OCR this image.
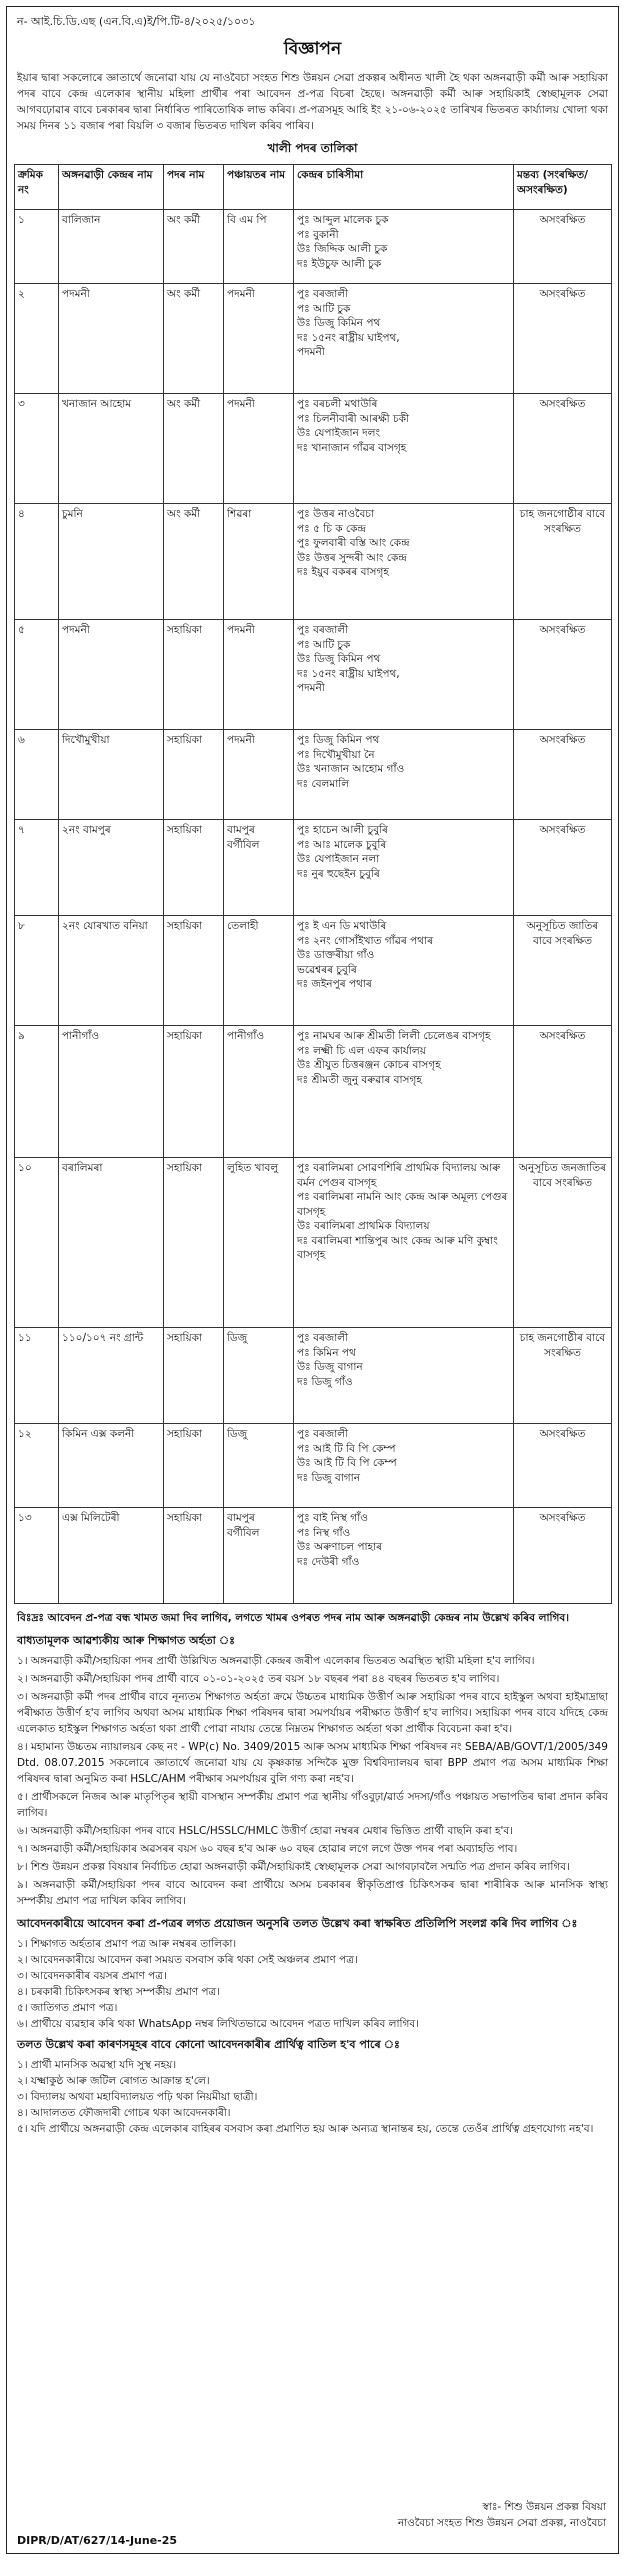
ন- আই.চি.ডি.এছ (এন.বি.এ)ই/পি.টি-৪/২০২৫/১০৩১
বিজ্ঞাপন
ইয়াৰ দ্বাৰা সকলোৰে জ্ঞাতাৰ্থে জনোৱা যায় যে নাওবৈচা সংহত শিশু উন্নয়ন সেৱা প্ৰকল্পৰ অধীনত খালী হৈ থকা অঙ্গনৱাড়ী কৰ্মী আৰু সহায়িকা পদৰ বাবে কেন্দ্ৰ এলেকাৰ স্থানীয় মহিলা প্ৰাৰ্থীৰ পৰা আবেদন প্ৰ-পত্ৰ বিচৰা হৈছে। অঙ্গনৱাড়ী কৰ্মী আৰু সহায়িকাই স্বেচ্ছামূলক সেৱা আগবঢ়োৱাৰ বাবে চৰকাৰৰ দ্বাৰা নিৰ্ধাৰিত পাৰিতোষিক লাভ কৰিব। প্ৰ-পত্ৰসমূহ আহি ইং ২১-০৬-২০২৫ তাৰিখৰ ভিতৰত কাৰ্য্যালয় খোলা থকা সময় দিনৰ ১১ বজাৰ পৰা বিয়লি ৩ বজাৰ ভিতৰত দাখিল কৰিব পাৰিব।
খালী পদৰ তালিকা
ক্ৰমিক নং	অঙ্গনৱাড়ী কেন্দ্ৰৰ নাম	পদৰ নাম	পঞ্চায়তৰ নাম	কেন্দ্ৰৰ চাৰিসীমা	মন্তব্য (সংৰক্ষিত/ অসংৰক্ষিত)
১	বালিজান	অং কৰ্মী	বি এম পি	পুঃ আব্দুল মালেক চুক
পঃ বুকানী
উঃ জিদ্দিক আলী চুক
দঃ ইউচুফ আলী চুক	অসংৰক্ষিত
২	পদমনী	অং কৰ্মী	পদমনী	পুঃ বৰজালী
পঃ আটি চুক
উঃ ডিজু কিমিন পথ
দঃ ১৫নং ৰাষ্ট্ৰীয় ঘাইপথ,
পদমনী	অসংৰক্ষিত
৩	খনাজান আহোম	অং কৰ্মী	পদমনী	পুঃ বৰচলী মথাউৰি
পঃ চিলনীবাৰী আৰক্ষী চকী
উঃ যেপাইজান দলং
দঃ খানাজান গাঁৱৰ বাসগৃহ	অসংৰক্ষিত
৪	চুমনি	অং কৰ্মী	শিৱৰা	পুঃ উত্তৰ নাওবৈচা
পঃ ৫ চি ক কেন্দ্ৰ
পুঃ ফুলবাৰী বস্তি আং কেন্দ্ৰ
উঃ উত্তৰ সুন্দৰী আং কেন্দ্ৰ
দঃ ইয়ুব বকৰৰ বাসগৃহ	চাহ জনগোষ্ঠীৰ বাবে সংৰক্ষিত
৫	পদমনী	সহায়িকা	পদমনী	পুঃ বৰজালী
পঃ আটি চুক
উঃ ডিজু কিমিন পথ
দঃ ১৫নং ৰাষ্ট্ৰীয় ঘাইপথ,
পদমনী	অসংৰক্ষিত
৬	দিখৌমুখীয়া	সহায়িকা	পদমনী	পুঃ ডিজু কিমিন পথ
পঃ দিখৌমুখীয়া নৈ
উঃ খনাজান আহোম গাঁও
দঃ বেলমালি	অসংৰক্ষিত
৭	২নং বামপুৰ	সহায়িকা	বামপুৰ বৰ্গীবিল	পুঃ হাচেন আলী চুবুৰি
পঃ আঃ মালেক চুবুৰি
উঃ যেপাইজান নলা
দঃ নুৰ হুছেইন চুবুৰি	অসংৰক্ষিত
৮	২নং যোৰখাত বনিয়া	সহায়িকা	তেলাহী	পুঃ ই এন ডি মথাউৰি
পঃ ২নং গোসাঁইখাত গাঁৱৰ পথাৰ
উঃ ডাক্তৰীয়া গাঁও
ভৱেশ্বৰৰ চুবুৰি
দঃ জইনপুৰ পথাৰ	অনুসূচিত জাতিৰ বাবে সংৰক্ষিত
৯	পানীগাঁও	সহায়িকা	পানীগাঁও	পুঃ নামঘৰ আৰু শ্ৰীমতী লিলী চেলেঙৰ বাসগৃহ
পঃ লক্ষ্মী চি এল এফৰ কাৰ্যালয়
উঃ শ্ৰীযুত চিত্তৰঞ্জন কোচৰ বাসগৃহ
দঃ শ্ৰীমতী জুনু বৰুৱাৰ বাসগৃহ	অসংৰক্ষিত
১০	বৰালিমৰা	সহায়িকা	লুহিত খাবলু	পুঃ বৰালিমৰা সোৱণশিৰি প্ৰাথমিক বিদ্যালয় আৰু বৰ্মন পেগুৰ বাসগৃহ
পঃ বৰালিমৰা নামনি আং কেন্দ্ৰ আৰু অমূল্য পেগুৰ বাসগৃহ
উঃ বৰালিমৰা প্ৰাথমিক বিদ্যালয়
দঃ বৰালিমৰা শান্তিপুৰ আং কেন্দ্ৰ আৰু মণি কুম্বাং বাসগৃহ	অনুসূচিত জনজাতিৰ বাবে সংৰক্ষিত
১১	১১০/১০৭ নং গ্ৰান্ট	সহায়িকা	ডিজু	পুঃ বৰজালী
পঃ কিমিন পথ
উঃ ডিজু বাগান
দঃ ডিজু গাঁও	চাহ জনগোষ্ঠীৰ বাবে সংৰক্ষিত
১২	কিমিন এক্স কলনী	সহায়িকা	ডিজু	পুঃ বৰজালী
পঃ আই টি বি পি কেম্প
উঃ আই টি বি পি কেম্প
দঃ ডিজু বাগান	অসংৰক্ষিত
১৩	এক্স মিলিটেৰী	সহায়িকা	বামপুৰ বৰ্গীবিল	পুঃ বাই নিস্থ গাঁও
পঃ নিস্থ গাঁও
উঃ অৰুণাচল পাহাৰ
দঃ দেউৰী গাঁও	অসংৰক্ষিত
বিঃদ্ৰঃ আবেদন প্ৰ-পত্ৰ বন্ধ খামত জমা দিব লাগিব, লগতে খামৰ ওপৰত পদৰ নাম আৰু অঙ্গনৱাড়ী কেন্দ্ৰৰ নাম উল্লেখ কৰিব লাগিব।
বাধ্যতামূলক আৱশ্যকীয় আৰু শিক্ষাগত অৰ্হতা ঃ
১। অঙ্গনৱাড়ী কৰ্মী/সহায়িকা পদৰ প্ৰাৰ্থী উল্লিখিত অঙ্গনৱাড়ী কেন্দ্ৰৰ জৰীপ এলেকাৰ ভিতৰত অৱস্থিত স্থায়ী মহিলা হ'ব লাগিব।
২। অঙ্গনৱাড়ী কৰ্মী/সহায়িকা পদৰ প্ৰাৰ্থী বাবে ০১-০১-২০২৫ তৰ বয়স ১৮ বছৰৰ পৰা ৪৪ বছৰৰ ভিতৰত হ'ব লাগিব।
৩। অঙ্গনৱাড়ী কৰ্মী পদৰ প্ৰাৰ্থীৰ বাবে নূন্যতম শিক্ষাগত অৰ্হতা ক্ৰমে উচ্চতৰ মাধ্যমিক উত্তীৰ্ণ আৰু সহায়িকা পদৰ বাবে হাইস্কুল অথবা হাইমাদ্ৰাছা পৰীক্ষাত উত্তীৰ্ণ হ'ব লাগিব অথবা অসম মাধ্যমিক শিক্ষা পৰিষদৰ দ্বাৰা সমপৰ্যায়ৰ পৰীক্ষাত উত্তীৰ্ণ হ'ব লাগিব। সহায়িকা পদৰ বাবে যদিহে কেন্দ্ৰ এলেকাত হাইস্কুল শিক্ষাগত অৰ্হতা থকা প্ৰাৰ্থী পোৱা নাযায় তেন্তে নিম্নতম শিক্ষাগত অৰ্হতা থকা প্ৰাৰ্থীক বিবেচনা কৰা হ'ব।
৪। মহামান্য উচ্চতম ন্যায়ালয়ৰ কেছ নং - WP(c) No. 3409/2015 আৰু অসম মাধ্যমিক শিক্ষা পৰিষদৰ নং SEBA/AB/GOVT/1/2005/349 Dtd. 08.07.2015 সকলোৰে জ্ঞাতাৰ্থে জনোৱা যায় যে কৃষ্ণকান্ত সন্দিকৈ মুক্ত বিশ্ববিদ্যালয়ৰ দ্বাৰা BPP প্ৰমাণ পত্ৰ অসম মাধ্যমিক শিক্ষা পৰিষদৰ দ্বাৰা অনুমিত কৰা HSLC/AHM পৰীক্ষাৰ সমপৰ্যায়ৰ বুলি গণ্য কৰা নহ'ব।
৫। প্ৰাৰ্থীসকলে নিজৰ আৰু মাতৃপিতৃৰ স্থায়ী বাসস্থান সম্পৰ্কীয় প্ৰমাণ পত্ৰ স্থানীয় গাঁওবুঢ়া/ৱাৰ্ড সদস্য/গাঁও পঞ্চায়ত সভাপতিৰ দ্বাৰা প্ৰদান কৰিব লাগিব।
৬। অঙ্গনৱাড়ী কৰ্মী/সহায়িকা পদৰ বাবে HSLC/HSSLC/HMLC উত্তীৰ্ণ হোৱা নম্বৰৰ মেধাৰ ভিত্তিত প্ৰাৰ্থী বাছনি কৰা হ'ব।
৭। অঙ্গনৱাড়ী কৰ্মী/সহায়িকাৰ অৱসৰৰ বয়স ৬০ বছৰ হ'ব আৰু ৬০ বছৰ হোৱাৰ লগে লগে উক্ত পদৰ পৰা অব্যাহতি পাব।
৮। শিশু উন্নয়ন প্ৰকল্প বিষয়াৰ নিৰ্বাচিত হোৱা অঙ্গনৱাড়ী কৰ্মী/সহায়িকাই স্বেচ্ছামূলক সেৱা আগবঢ়াবলৈ সন্মতি পত্ৰ প্ৰদান কৰিব লাগিব।
৯। অঙ্গনৱাড়ী কৰ্মী/সহায়িকা পদৰ বাবে আবেদন কৰা প্ৰাৰ্থীয়ে অসম চৰকাৰৰ স্বীকৃতিপ্ৰাপ্ত চিকিৎসকৰ দ্বাৰা শাৰীৰিক আৰু মানসিক স্বাস্থ্য সম্পৰ্কীয় প্ৰমাণ পত্ৰ দাখিল কৰিব লাগিব।
আবেদনকাৰীয়ে আবেদন কৰা প্ৰ-পত্ৰৰ লগত প্ৰয়োজন অনুসৰি তলত উল্লেখ কৰা স্বাক্ষৰিত প্ৰতিলিপি সংলগ্ন কৰি দিব লাগিব ঃ
১। শিক্ষাগত অৰ্হতাৰ প্ৰমাণ পত্ৰ আৰু নম্বৰৰ তালিকা।
২। আবেদনকাৰীয়ে আবেদন কৰা সময়ত বসবাস কৰি থকা সেই অঞ্চলৰ প্ৰমাণ পত্ৰ।
৩। আবেদনকাৰীৰ বয়সৰ প্ৰমাণ পত্ৰ।
৪। চৰকাৰী চিকিৎসকৰ স্বাস্থ্য সম্পৰ্কীয় প্ৰমাণ পত্ৰ।
৫। জাতিগত প্ৰমাণ পত্ৰ।
৬। প্ৰাৰ্থীয়ে ব্যৱহাৰ কৰি থকা WhatsApp নম্বৰ লিখিতভাৱে আবেদন পত্ৰত দাখিল কৰিব লাগিব।
তলত উল্লেখ কৰা কাৰণসমূহৰ বাবে কোনো আবেদনকাৰীৰ প্ৰাৰ্থিত্ব বাতিল হ'ব পাৰে ঃ
১। প্ৰাৰ্থী মানসিক অৱস্থা যদি সুস্থ নহয়।
২। যক্ষ্মাকুষ্ঠ আৰু জটিল ৰোগত আক্ৰান্ত হ'লে।
৩। বিদ্যালয় অথবা মহাবিদ্যালয়ত পঢ়ি থকা নিয়মীয়া ছাত্ৰী।
৪। আদালতত ফৌজদাৰী গোচৰ থকা আবেদনকাৰী।
৫। যদি প্ৰাৰ্থীয়ে অঙ্গনৱাড়ী কেন্দ্ৰ এলেকাৰ বাহিৰৰ বসবাস কৰা প্ৰমাণিত হয় আৰু অন্যত্ৰ স্থানান্তৰ হয়, তেন্তে তেওঁৰ প্ৰাৰ্থিত্ব গ্ৰহণযোগ্য নহ'ব।
স্বাঃ- শিশু উন্নয়ন প্ৰকল্প বিষয়া
নাওবৈচা সংহত শিশু উন্নয়ন সেৱা প্ৰকল্প, নাওবৈচা
DIPR/D/AT/627/14-June-25
